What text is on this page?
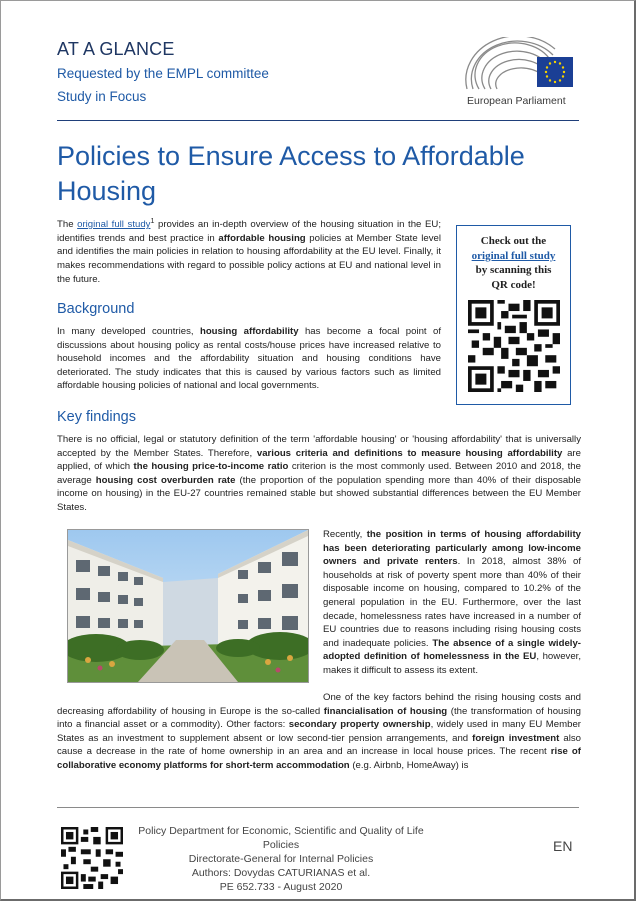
AT A GLANCE
Requested by the EMPL committee
Study in Focus	European Parliament
Policies to Ensure Access to Affordable Housing
The original full study$^1$ provides an in-depth overview of the housing situation in the EU; identifies trends and best practice in affordable housing policies at Member State level and identifies the main policies in relation to housing affordability at the EU level. Finally, it makes recommendations with regard to possible policy actions at EU and national level in the future.
Check out the
original full study
by scanning this
QR code!
Background
In many developed countries, housing affordability has become a focal point of discussions about housing policy as rental costs/house prices have increased relative to household incomes and the affordability situation and housing conditions have deteriorated. The study indicates that this is caused by various factors such as limited affordable housing policies of national and local governments.
Key findings
There is no official, legal or statutory definition of the term 'affordable housing' or 'housing affordability' that is universally accepted by the Member States. Therefore, various criteria and definitions to measure housing affordability are applied, of which the housing price-to-income ratio criterion is the most commonly used. Between 2010 and 2018, the average housing cost overburden rate (the proportion of the population spending more than 40% of their disposable income on housing) in the EU-27 countries remained stable but showed substantial differences between the EU Member States.
Recently, the position in terms of housing affordability has been deteriorating particularly among low-income owners and private renters. In 2018, almost 38% of households at risk of poverty spent more than 40% of their disposable income on housing, compared to 10.2% of the general population in the EU. Furthermore, over the last decade, homelessness rates have increased in a number of EU countries due to reasons including rising housing costs and inadequate policies. The absence of a single widely-adopted definition of homelessness in the EU, however, makes it difficult to assess its extent.
One of the key factors behind the rising housing costs and decreasing affordability of housing in Europe is the so-called financialisation of housing (the transformation of housing into a financial asset or a commodity). Other factors: secondary property ownership, widely used in many EU Member States as an investment to supplement absent or low second-tier pension arrangements, and foreign investment also cause a decrease in the rate of home ownership in an area and an increase in local house prices. The recent rise of collaborative economy platforms for short-term accommodation (e.g. Airbnb, HomeAway) is
Policy Department for Economic, Scientific and Quality of Life Policies
Directorate-General for Internal Policies
Authors: Dovydas CATURIANAS et al.
PE 652.733 - August 2020
EN
